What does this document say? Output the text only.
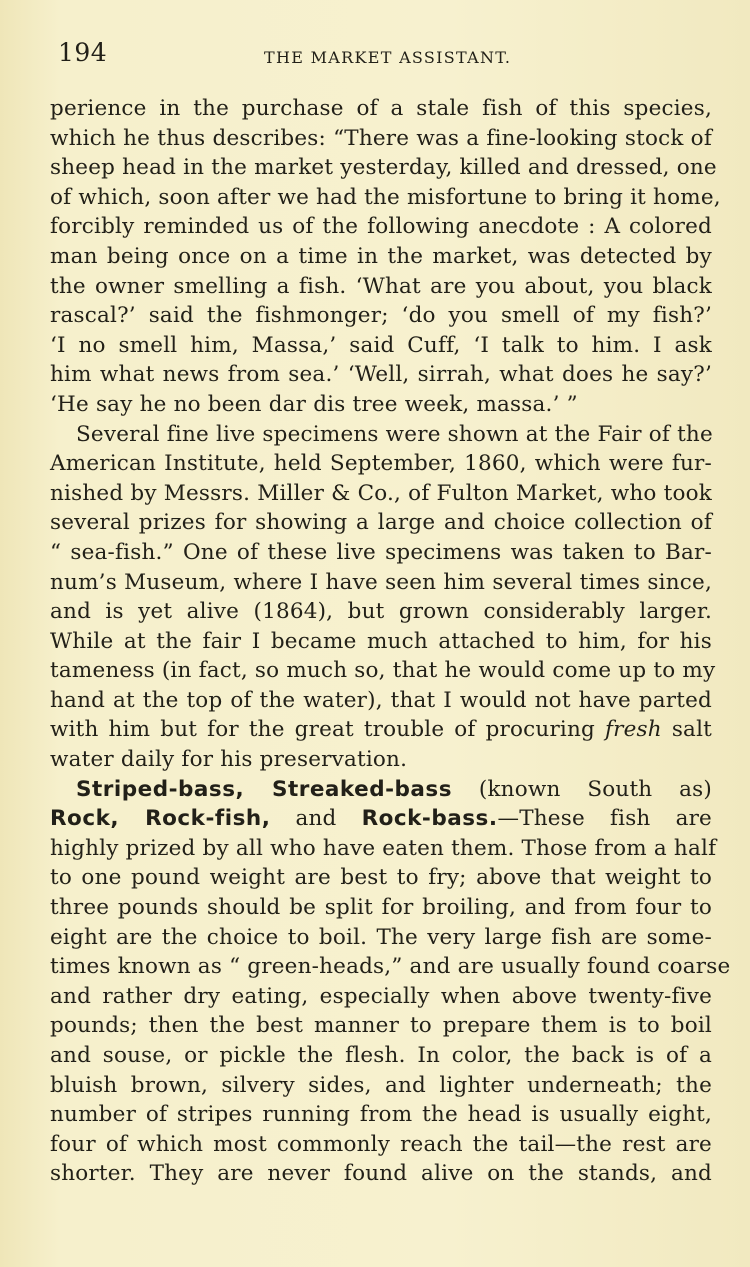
194	THE MARKET ASSISTANT.
perience in the purchase of a stale fish of this species,
which he thus describes: “There was a fine-looking stock of
sheep head in the market yesterday, killed and dressed, one
of which, soon after we had the misfortune to bring it home,
forcibly reminded us of the following anecdote : A colored
man being once on a time in the market, was detected by
the owner smelling a fish. ‘What are you about, you black
rascal?’ said the fishmonger; ‘do you smell of my fish?’
‘I no smell him, Massa,’ said Cuff, ‘I talk to him. I ask
him what news from sea.’ ‘Well, sirrah, what does he say?’
‘He say he no been dar dis tree week, massa.’ ”
Several fine live specimens were shown at the Fair of the
American Institute, held September, 1860, which were fur-
nished by Messrs. Miller & Co., of Fulton Market, who took
several prizes for showing a large and choice collection of
“ sea-fish.” One of these live specimens was taken to Bar-
num’s Museum, where I have seen him several times since,
and is yet alive (1864), but grown considerably larger.
While at the fair I became much attached to him, for his
tameness (in fact, so much so, that he would come up to my
hand at the top of the water), that I would not have parted
with him but for the great trouble of procuring fresh salt
water daily for his preservation.
Striped-bass, Streaked-bass (known South as)
Rock, Rock-fish, and Rock-bass.—These fish are
highly prized by all who have eaten them. Those from a half
to one pound weight are best to fry; above that weight to
three pounds should be split for broiling, and from four to
eight are the choice to boil. The very large fish are some-
times known as “ green-heads,” and are usually found coarse
and rather dry eating, especially when above twenty-five
pounds; then the best manner to prepare them is to boil
and souse, or pickle the flesh. In color, the back is of a
bluish brown, silvery sides, and lighter underneath; the
number of stripes running from the head is usually eight,
four of which most commonly reach the tail—the rest are
shorter. They are never found alive on the stands, and
